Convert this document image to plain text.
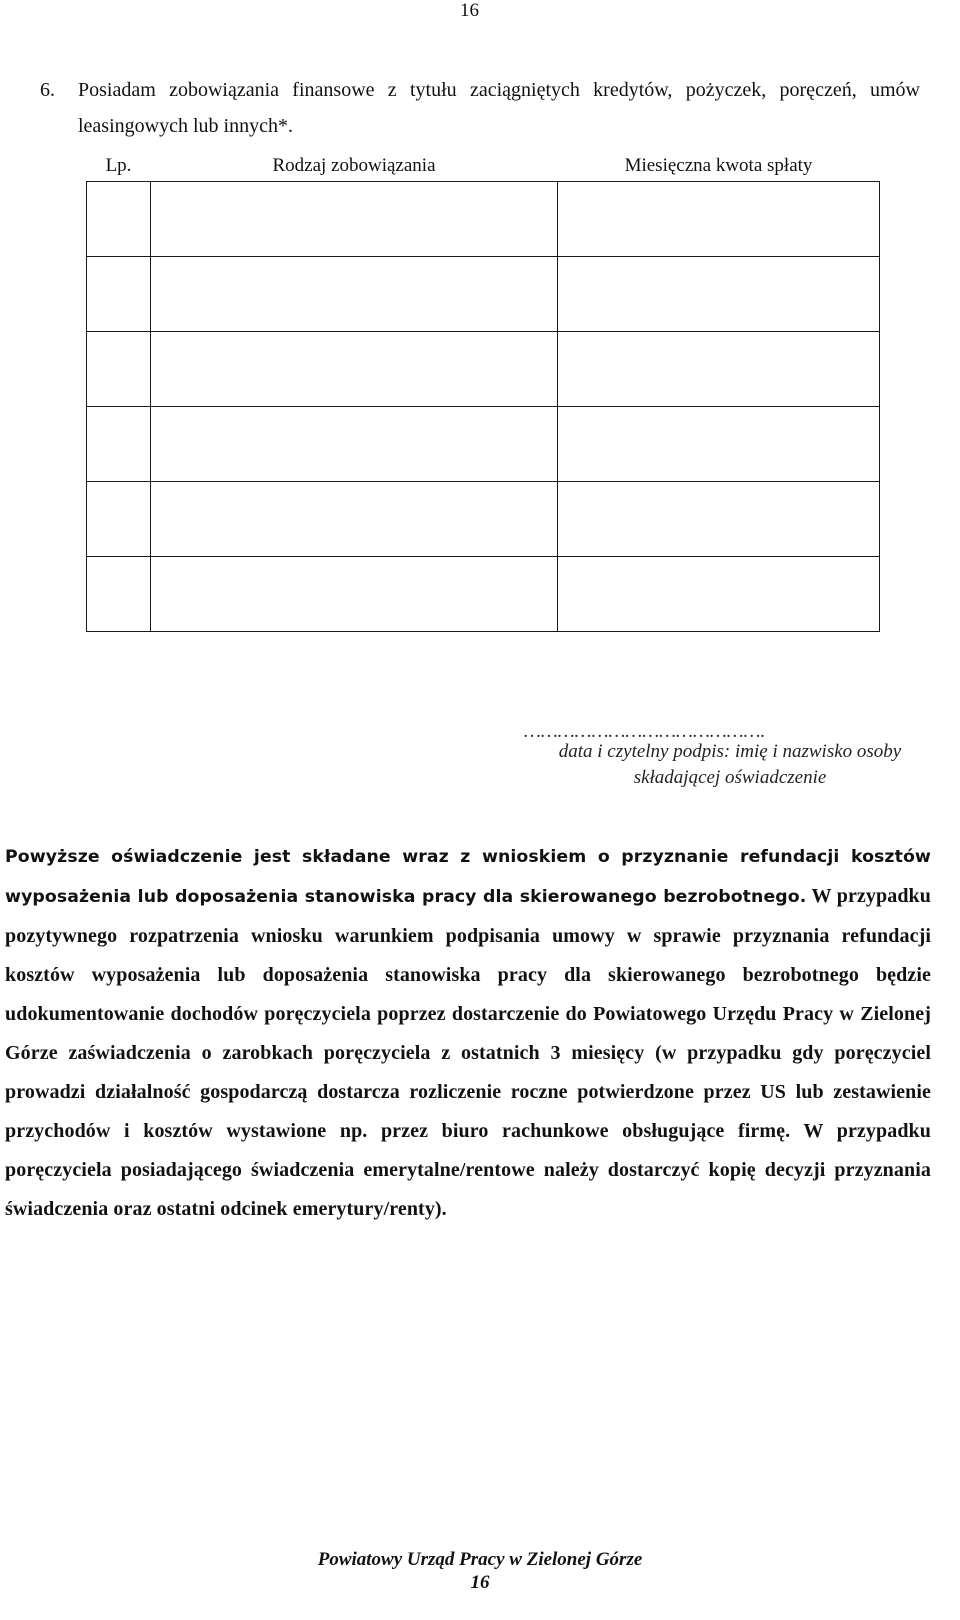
16
6. Posiadam zobowiązania finansowe z tytułu zaciągniętych kredytów, pożyczek, poręczeń, umów leasingowych lub innych*.
Lp.	Rodzaj zobowiązania	Miesięczna kwota spłaty

…………………………………….
data i czytelny podpis: imię i nazwisko osoby
składającej oświadczenie
Powyższe oświadczenie jest składane wraz z wnioskiem o przyznanie refundacji kosztów wyposażenia lub doposażenia stanowiska pracy dla skierowanego bezrobotnego. W przypadku pozytywnego rozpatrzenia wniosku warunkiem podpisania umowy w sprawie przyznania refundacji kosztów wyposażenia lub doposażenia stanowiska pracy dla skierowanego bezrobotnego będzie udokumentowanie dochodów poręczyciela poprzez dostarczenie do Powiatowego Urzędu Pracy w Zielonej Górze zaświadczenia o zarobkach poręczyciela z ostatnich 3 miesięcy (w przypadku gdy poręczyciel prowadzi działalność gospodarczą dostarcza rozliczenie roczne potwierdzone przez US lub zestawienie przychodów i kosztów wystawione np. przez biuro rachunkowe obsługujące firmę. W przypadku poręczyciela posiadającego świadczenia emerytalne/rentowe należy dostarczyć kopię decyzji przyznania świadczenia oraz ostatni odcinek emerytury/renty).
Powiatowy Urząd Pracy w Zielonej Górze
16
